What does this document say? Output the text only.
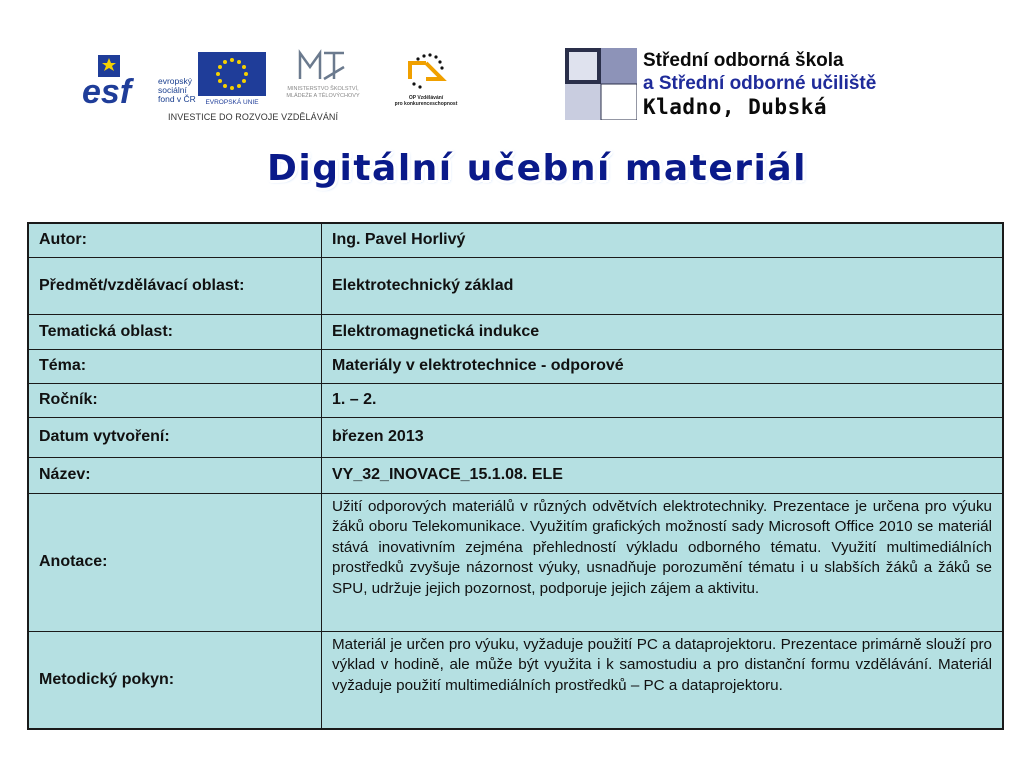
esf	evropský
sociální
fond v ČR	EVROPSKÁ UNIE
MINISTERSTVO ŠKOLSTVÍ,
MLÁDEŽE A TĚLOVÝCHOVY	OP Vzdělávání
pro konkurenceschopnost
INVESTICE DO ROZVOJE VZDĚLÁVÁNÍ
Střední odborná škola
a Střední odborné učiliště
Kladno, Dubská
Digitální učební materiál
Autor:	Ing. Pavel Horlivý
Předmět/vzdělávací oblast:	Elektrotechnický základ
Tematická oblast:	Elektromagnetická indukce
Téma:	Materiály v elektrotechnice - odporové
Ročník:	1. – 2.
Datum vytvoření:	březen 2013
Název:	VY_32_INOVACE_15.1.08. ELE
Anotace:	Užití odporových materiálů v různých odvětvích elektrotechniky. Prezentace je určena pro výuku žáků oboru Telekomunikace. Využitím grafických možností sady Microsoft Office 2010 se materiál stává inovativním zejména přehledností výkladu odborného tématu. Využití multimediálních prostředků zvyšuje názornost výuky, usnadňuje porozumění tématu i u slabších žáků a žáků se SPU, udržuje jejich pozornost, podporuje jejich zájem a aktivitu.
Metodický pokyn:	Materiál je určen pro výuku, vyžaduje použití PC a dataprojektoru. Prezentace primárně slouží pro výklad v hodině, ale může být využita i k samostudiu a pro distanční formu vzdělávání. Materiál vyžaduje použití multimediálních prostředků – PC a dataprojektoru.
